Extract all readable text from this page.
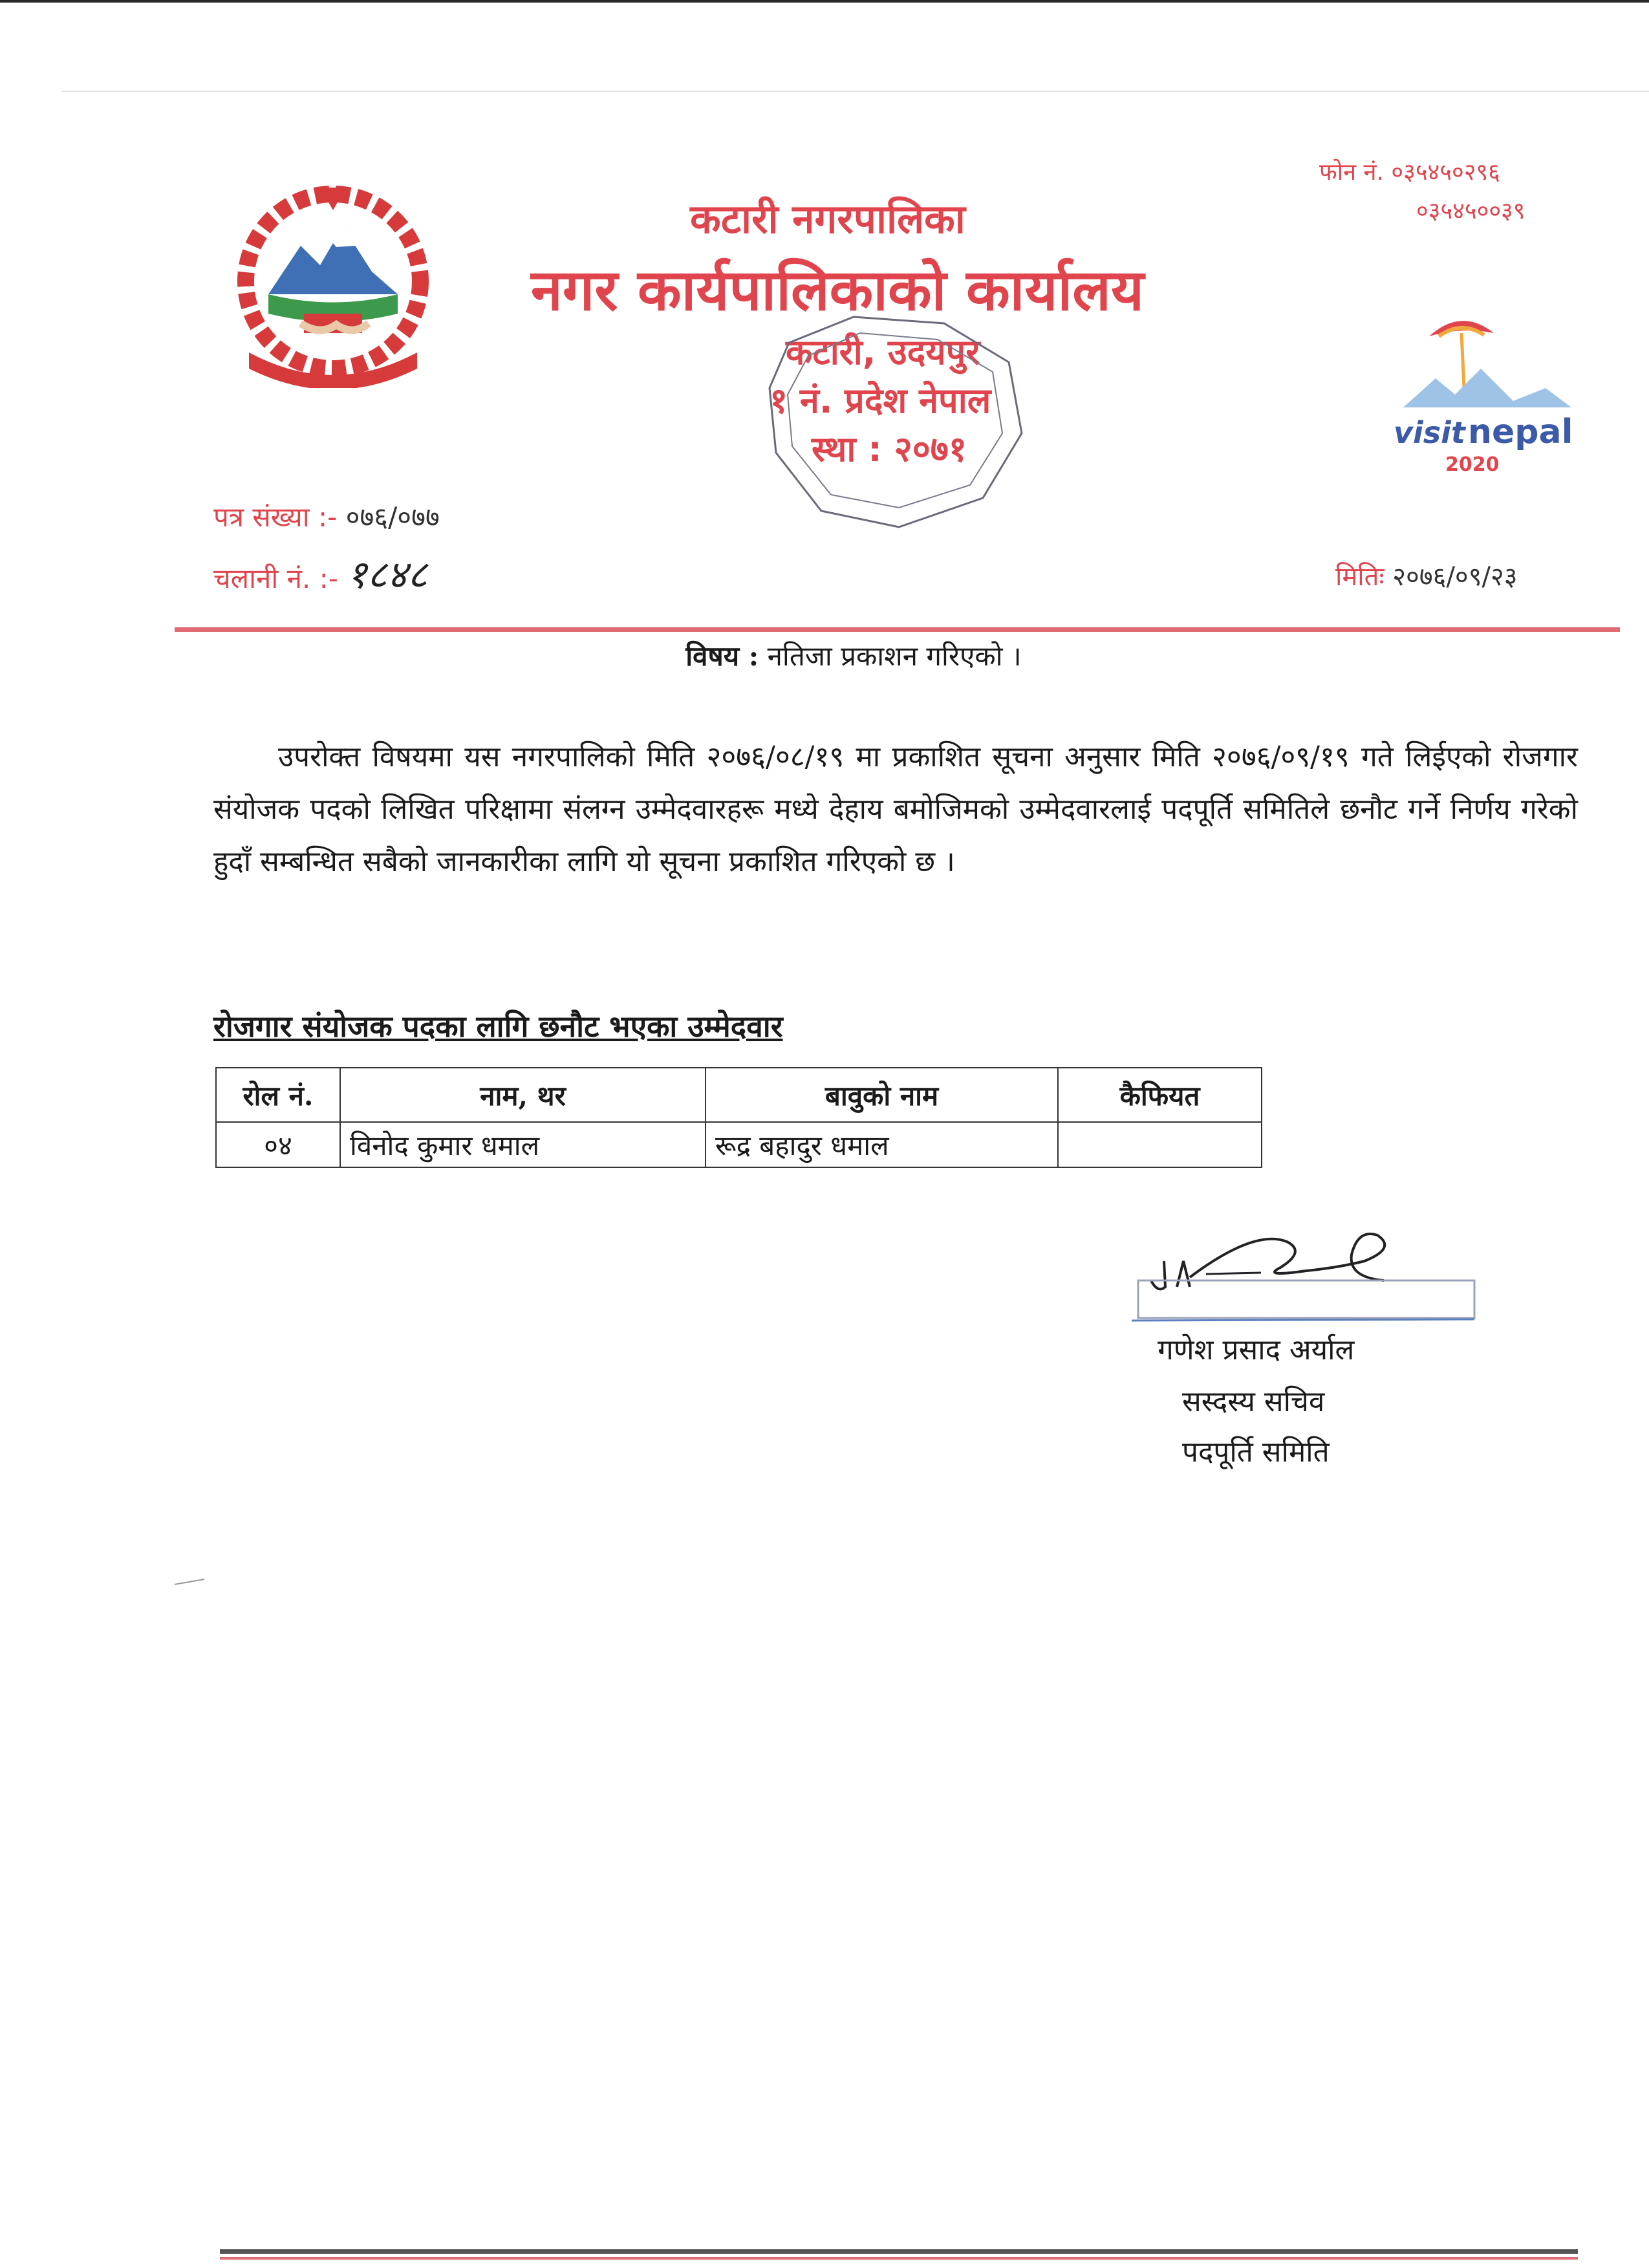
कटारी नगरपालिका
नगर कार्यपालिकाको कार्यालय
कटारी, उदयपुर
१ नं. प्रदेश नेपाल
स्था : २०७१
फोन नं. ०३५४५०२९६
०३५४५००३९
visit nepal
2020
पत्र संख्या :- ०७६/०७७
चलानी नं. :- १८४८	मितिः २०७६/०९/२३
विषय : नतिजा प्रकाशन गरिएको ।
उपरोक्त विषयमा यस नगरपालिको मिति २०७६/०८/१९ मा प्रकाशित सूचना अनुसार मिति २०७६/०९/१९ गते लिईएको रोजगार संयोजक पदको लिखित परिक्षामा संलग्न उम्मेदवारहरू मध्ये देहाय बमोजिमको उम्मेदवारलाई पदपूर्ति समितिले छनौट गर्ने निर्णय गरेको हुदाँ सम्बन्धित सबैको जानकारीका लागि यो सूचना प्रकाशित गरिएको छ ।
रोजगार संयोजक पदका लागि छनौट भएका उम्मेदवार
रोल नं.	नाम, थर	बावुको नाम	कैफियत
०४	विनोद कुमार धमाल	रूद्र बहादुर धमाल	
गणेश प्रसाद अर्याल
सस्दस्य सचिव
पदपूर्ति समिति
